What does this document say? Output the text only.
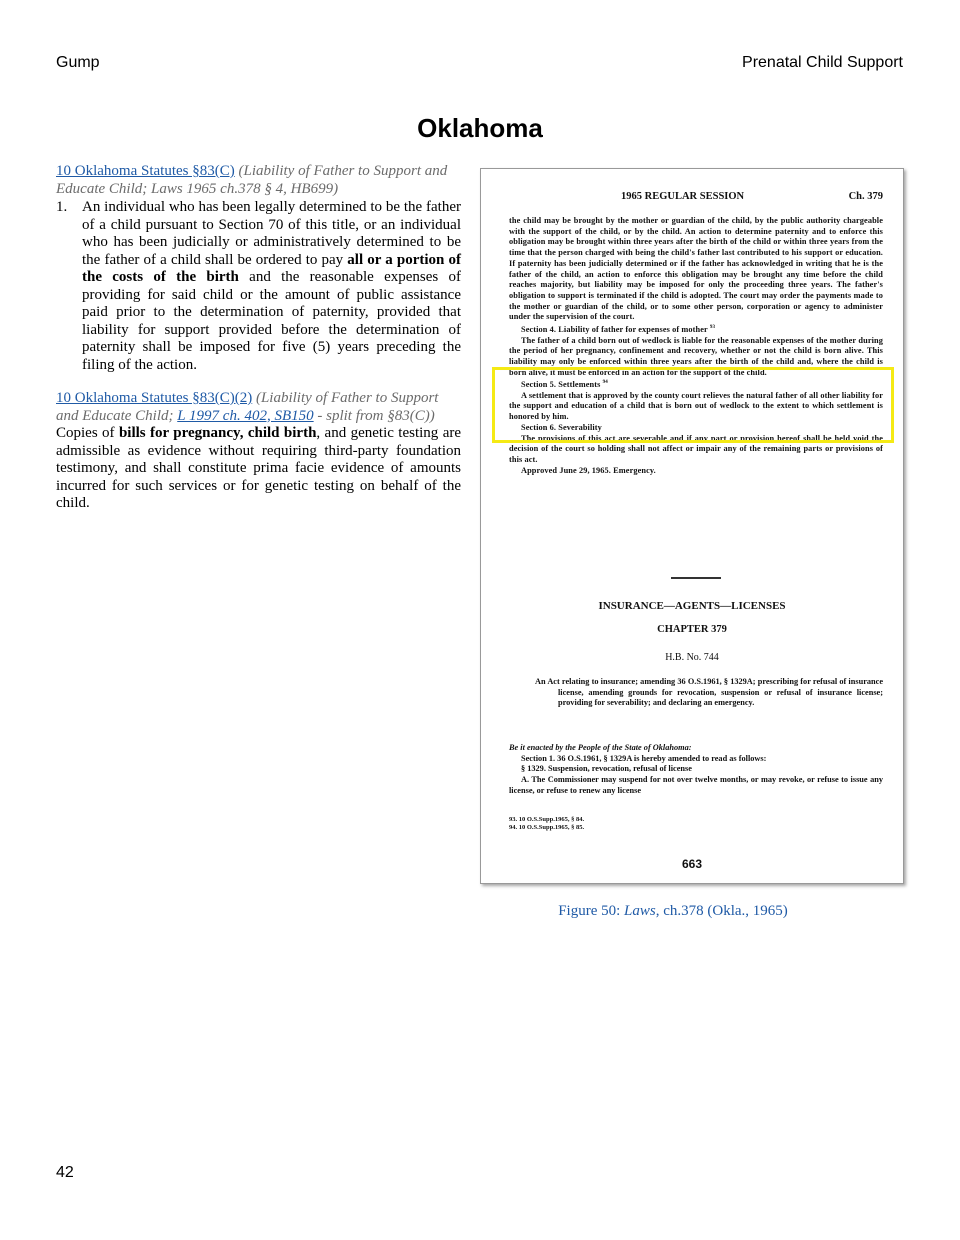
Gump	Prenatal Child Support
Oklahoma
10 Oklahoma Statutes §83(C) (Liability of Father to Support and Educate Child; Laws 1965 ch.378 § 4, HB699)
1. An individual who has been legally determined to be the father of a child pursuant to Section 70 of this title, or an individual who has been judicially or administratively determined to be the father of a child shall be ordered to pay all or a portion of the costs of the birth and the reasonable expenses of providing for said child or the amount of public assistance paid prior to the determination of paternity, provided that liability for support provided before the determination of paternity shall be imposed for five (5) years preceding the filing of the action.

10 Oklahoma Statutes §83(C)(2) (Liability of Father to Support and Educate Child; L 1997 ch. 402, SB150 - split from §83(C))

Copies of bills for pregnancy, child birth, and genetic testing are admissible as evidence without requiring third-party foundation testimony, and shall constitute prima facie evidence of amounts incurred for such services or for genetic testing on behalf of the child.

1965 REGULAR SESSION	Ch. 379

the child may be brought by the mother or guardian of the child, by the public authority chargeable with the support of the child, or by the child. An action to determine paternity and to enforce this obligation may be brought within three years after the birth of the child or within three years from the time that the person charged with being the child's father last contributed to his support or education. If paternity has been judicially determined or if the father has acknowledged in writing that he is the father of the child, an action to enforce this obligation may be brought any time before the child reaches majority, but liability may be imposed for only the proceeding three years. The father's obligation to support is terminated if the child is adopted. The court may order the payments made to the mother or guardian of the child, or to some other person, corporation or agency to administer under the supervision of the court.

Section 4. Liability of father for expenses of mother $^{93}$

The father of a child born out of wedlock is liable for the reasonable expenses of the mother during the period of her pregnancy, confinement and recovery, whether or not the child is born alive. This liability may only be enforced within three years after the birth of the child and, where the child is born alive, it must be enforced in an action for the support of the child.

Section 5. Settlements $^{94}$

A settlement that is approved by the county court relieves the natural father of all other liability for the support and education of a child that is born out of wedlock to the extent to which settlement is honored by him.

Section 6. Severability

The provisions of this act are severable and if any part or provision hereof shall be held void the decision of the court so holding shall not affect or impair any of the remaining parts or provisions of this act.

Approved June 29, 1965. Emergency.

INSURANCE—AGENTS—LICENSES
CHAPTER 379
H.B. No. 744

An Act relating to insurance; amending 36 O.S.1961, § 1329A; prescribing for refusal of insurance license, amending grounds for revocation, suspension or refusal of insurance license; providing for severability; and declaring an emergency.

Be it enacted by the People of the State of Oklahoma:

Section 1. 36 O.S.1961, § 1329A is hereby amended to read as follows:

§ 1329. Suspension, revocation, refusal of license

A. The Commissioner may suspend for not over twelve months, or may revoke, or refuse to issue any license, or refuse to renew any license

93. 10 O.S.Supp.1965, § 84.
94. 10 O.S.Supp.1965, § 85.
663
Figure 50: Laws, ch.378 (Okla., 1965)
42
